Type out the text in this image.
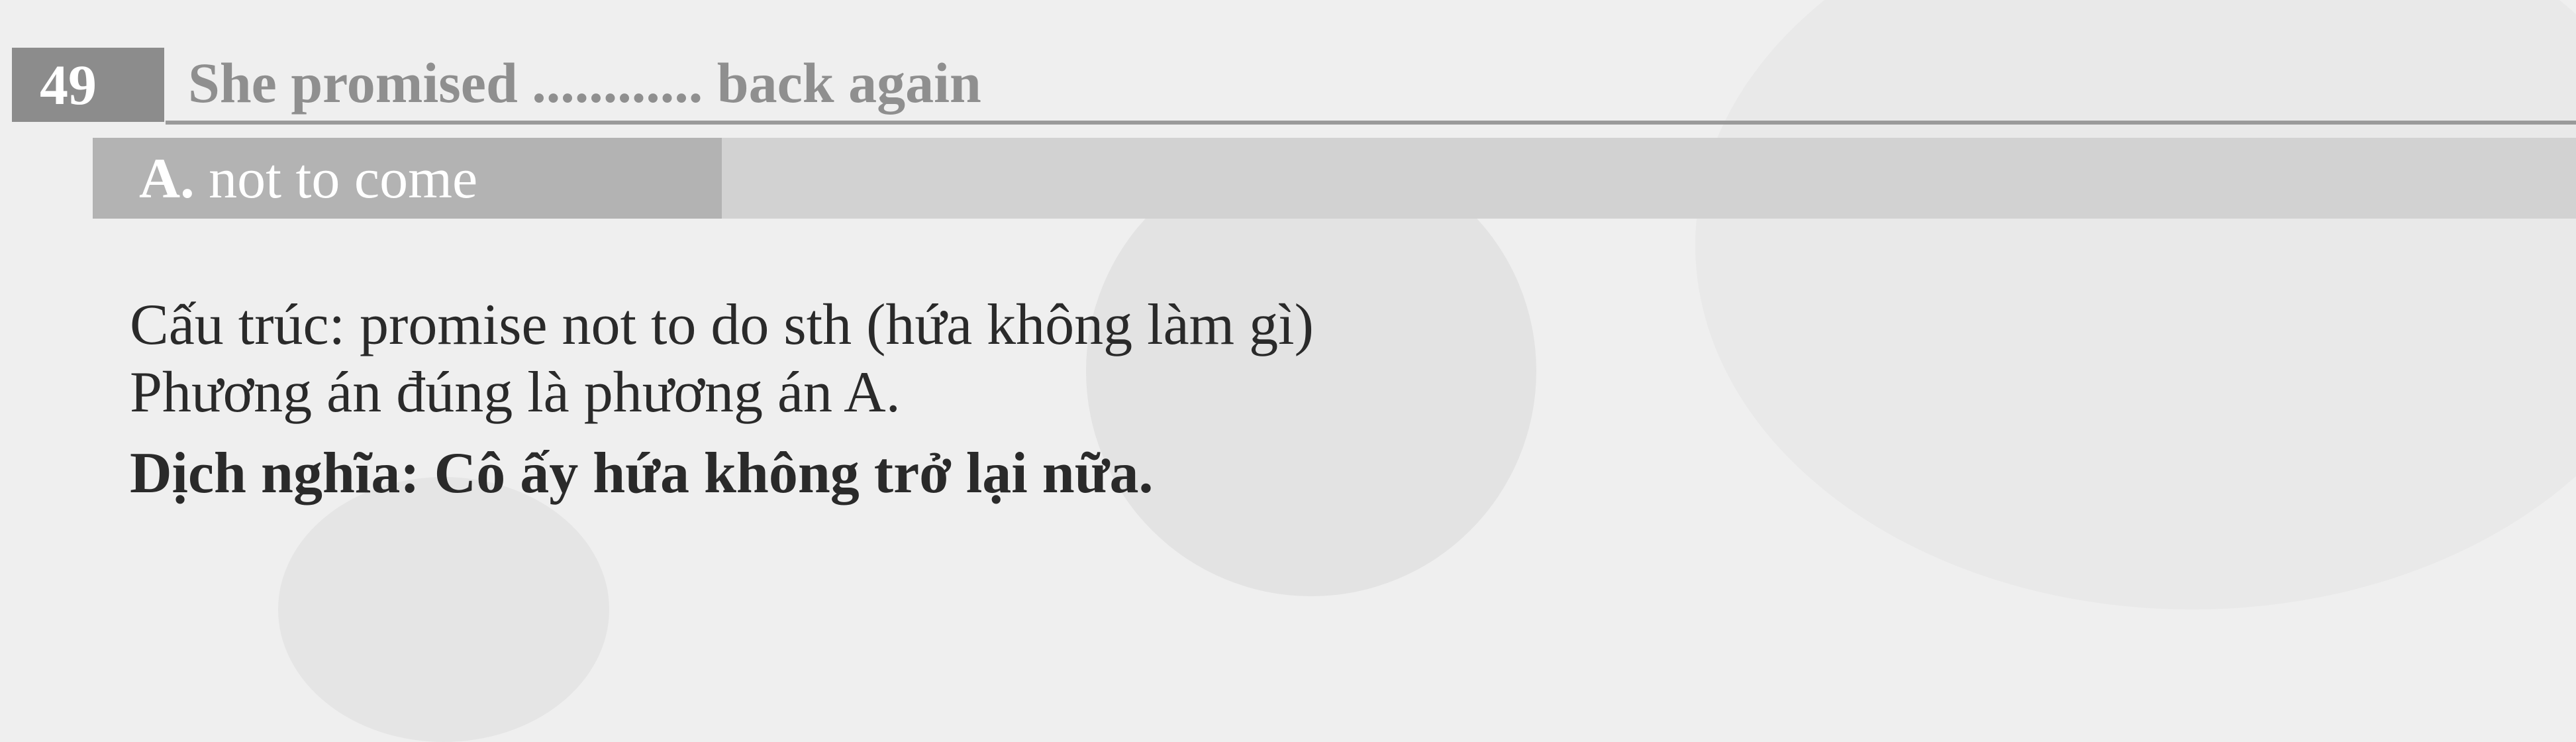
49	She promised ............ back again
A. not to come
Cấu trúc: promise not to do sth (hứa không làm gì)
Phương án đúng là phương án A.
Dịch nghĩa: Cô ấy hứa không trở lại nữa.
